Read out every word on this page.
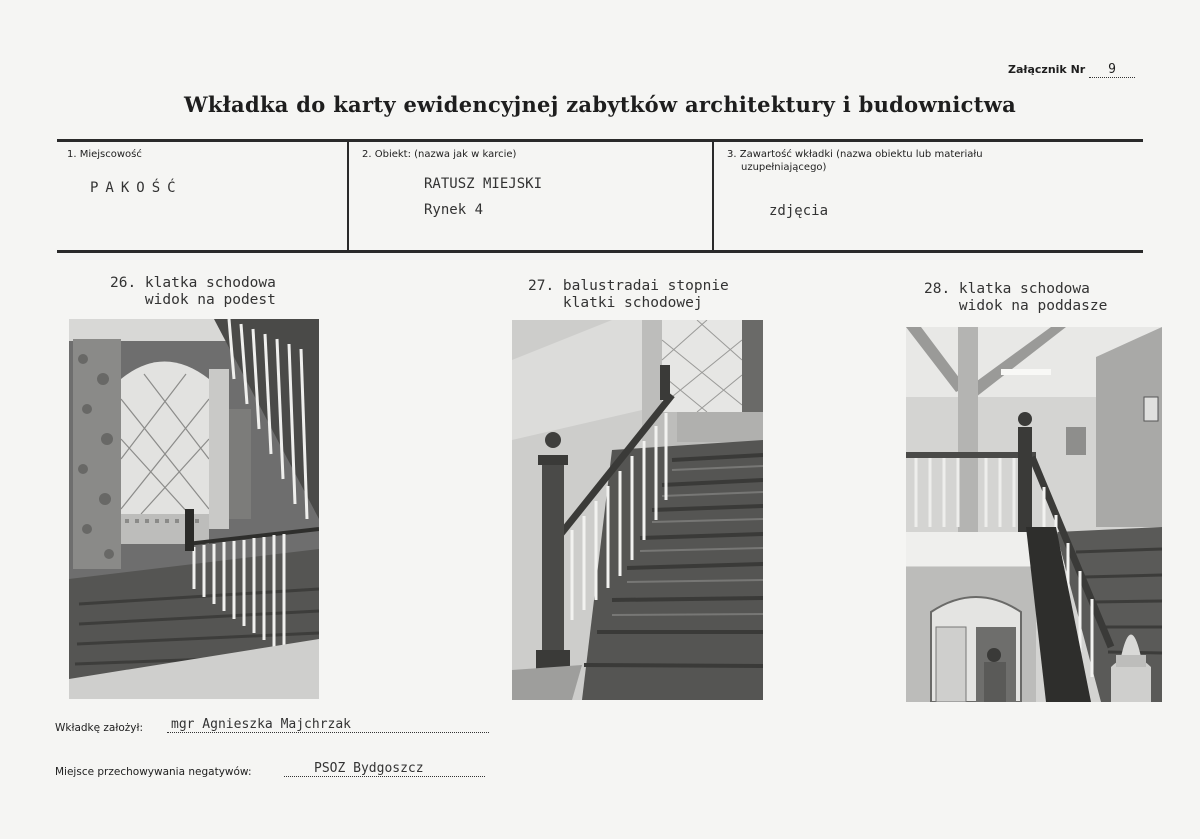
Załącznik Nr 9
Wkładka do karty ewidencyjnej zabytków architektury i budownictwa
1. Miejscowość
PAKOŚĆ
2. Obiekt: (nazwa jak w karcie)
RATUSZ MIEJSKI
Rynek 4
3. Zawartość wkładki (nazwa obiektu lub materiału
uzupełniającego)
zdjęcia
26. klatka schodowa
widok na podest
27. balustradai stopnie
klatki schodowej
28. klatka schodowa
widok na poddasze
Wkładkę założył:	mgr Agnieszka Majchrzak
Miejsce przechowywania negatywów:	PSOZ Bydgoszcz
